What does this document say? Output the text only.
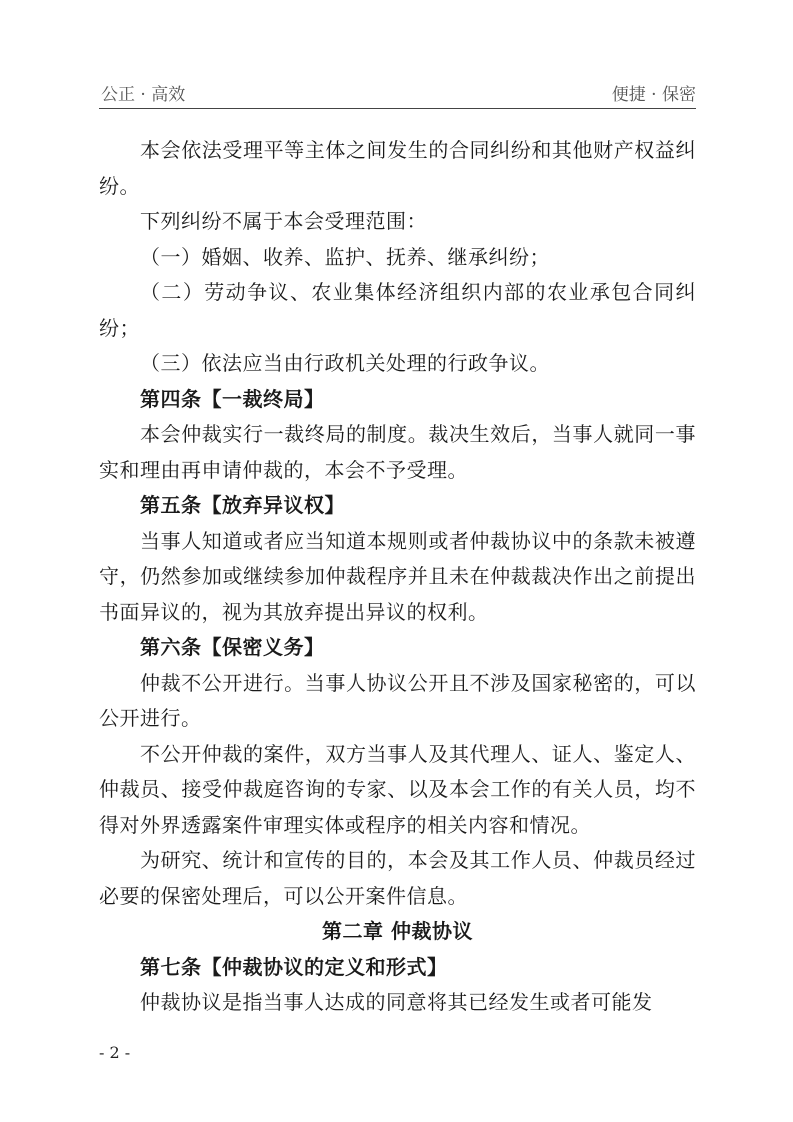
公正 · 高效	便捷 · 保密

本会依法受理平等主体之间发生的合同纠纷和其他财产权益纠纷。

下列纠纷不属于本会受理范围：

（一）婚姻、收养、监护、抚养、继承纠纷；

（二）劳动争议、农业集体经济组织内部的农业承包合同纠纷；

（三）依法应当由行政机关处理的行政争议。

第四条【一裁终局】

本会仲裁实行一裁终局的制度。裁决生效后，当事人就同一事实和理由再申请仲裁的，本会不予受理。

第五条【放弃异议权】

当事人知道或者应当知道本规则或者仲裁协议中的条款未被遵守，仍然参加或继续参加仲裁程序并且未在仲裁裁决作出之前提出书面异议的，视为其放弃提出异议的权利。

第六条【保密义务】

仲裁不公开进行。当事人协议公开且不涉及国家秘密的，可以公开进行。

不公开仲裁的案件，双方当事人及其代理人、证人、鉴定人、仲裁员、接受仲裁庭咨询的专家、以及本会工作的有关人员，均不得对外界透露案件审理实体或程序的相关内容和情况。

为研究、统计和宣传的目的，本会及其工作人员、仲裁员经过必要的保密处理后，可以公开案件信息。

第二章 仲裁协议

第七条【仲裁协议的定义和形式】

仲裁协议是指当事人达成的同意将其已经发生或者可能发

- 2 -
